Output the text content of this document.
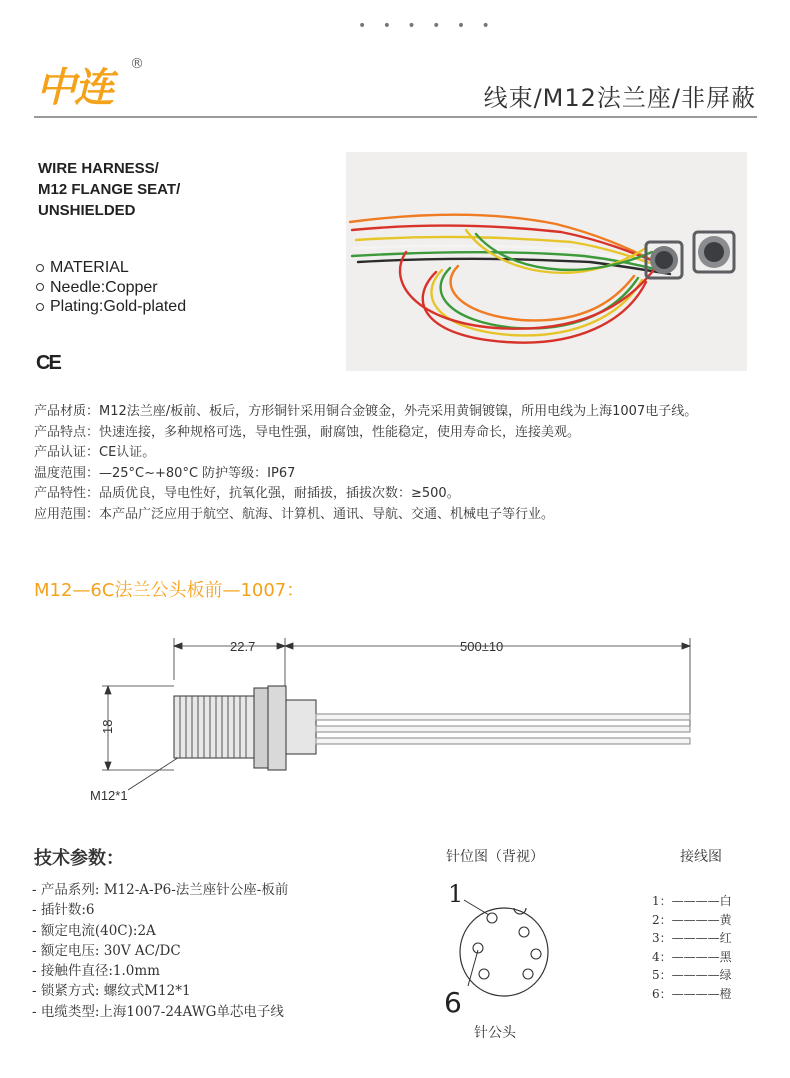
• • • • • •
中连
®
线束/M12法兰座/非屏蔽
WIRE HARNESS/
M12 FLANGE SEAT/
UNSHIELDED
MATERIAL
Needle:Copper
Plating:Gold-plated
CE
产品材质：M12法兰座/板前、板后，方形铜针采用铜合金镀金，外壳采用黄铜镀镍，所用电线为上海1007电子线。
产品特点：快速连接，多种规格可选，导电性强，耐腐蚀，性能稳定，使用寿命长，连接美观。
产品认证：CE认证。
温度范围：—25°C~+80°C 防护等级：IP67
产品特性：品质优良，导电性好，抗氧化强，耐插拔，插拔次数：≥500。
应用范围：本产品广泛应用于航空、航海、计算机、通讯、导航、交通、机械电子等行业。
M12—6C法兰公头板前—1007：
22.7	500±10
18
M12*1
技术参数：
- 产品系列: M12-A-P6-法兰座针公座-板前
- 插针数:6
- 额定电流(40C):2A
- 额定电压: 30V AC/DC
- 接触件直径:1.0mm
- 锁紧方式: 螺纹式M12*1
- 电缆类型:上海1007-24AWG单芯电子线
针位图（背视）	接线图
1
6
针公头
1：————白
2：————黄
3：————红
4：————黑
5：————绿
6：————橙
